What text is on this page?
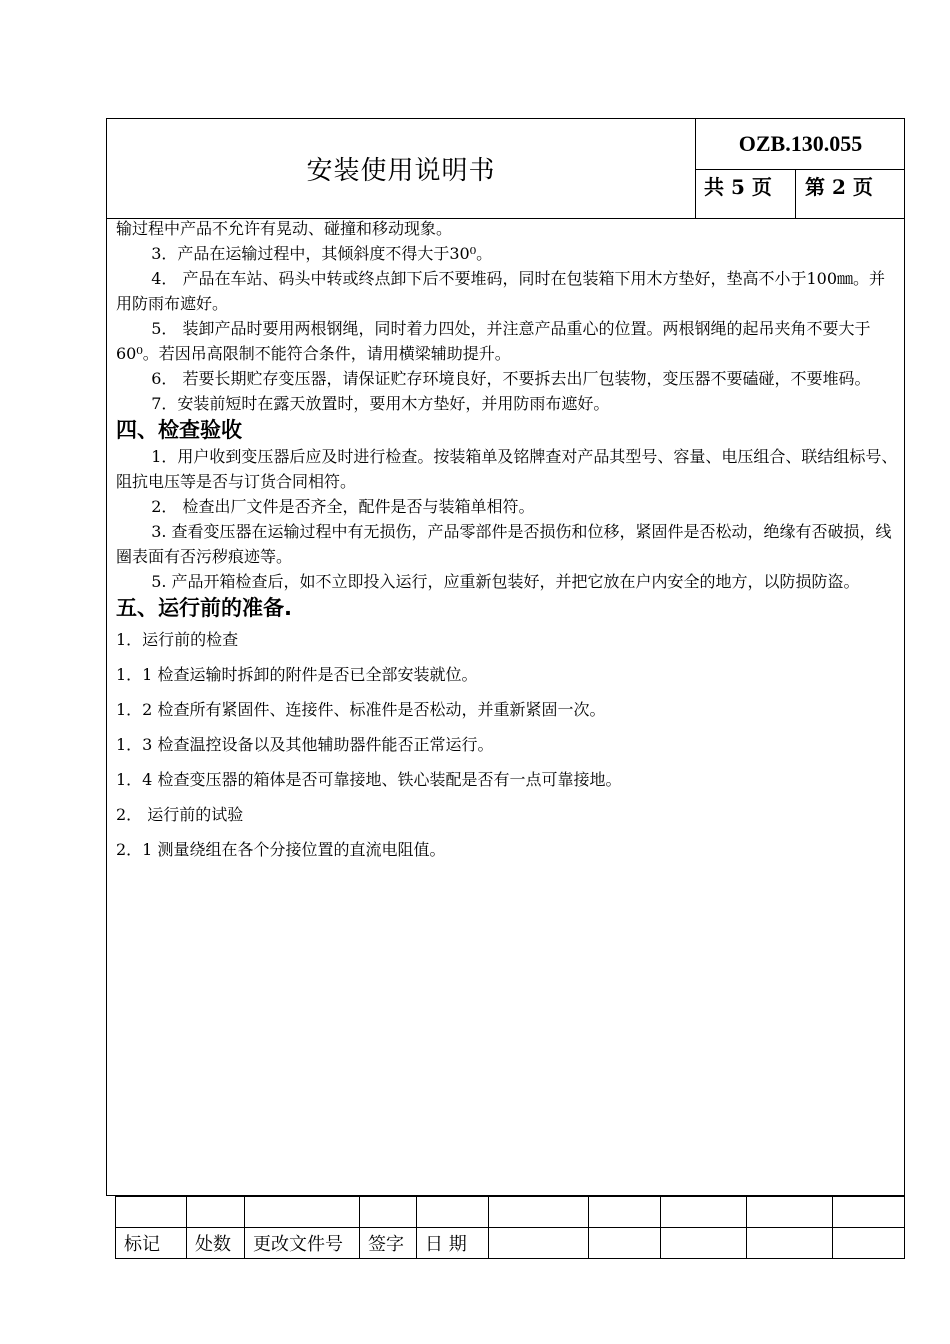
安装使用说明书
OZB.130.055
共 5 页	第 2 页

输过程中产品不允许有晃动、碰撞和移动现象。

3．产品在运输过程中，其倾斜度不得大于30⁰。

4． 产品在车站、码头中转或终点卸下后不要堆码，同时在包装箱下用木方垫好，垫高不小于100㎜。并用防雨布遮好。

5． 装卸产品时要用两根钢绳，同时着力四处，并注意产品重心的位置。两根钢绳的起吊夹角不要大于60⁰。若因吊高限制不能符合条件，请用横梁辅助提升。

6． 若要长期贮存变压器，请保证贮存环境良好，不要拆去出厂包装物，变压器不要磕碰，不要堆码。

7．安装前短时在露天放置时，要用木方垫好，并用防雨布遮好。

四、检查验收

1．用户收到变压器后应及时进行检查。按装箱单及铭牌查对产品其型号、容量、电压组合、联结组标号、阻抗电压等是否与订货合同相符。

2． 检查出厂文件是否齐全，配件是否与装箱单相符。

3. 查看变压器在运输过程中有无损伤，产品零部件是否损伤和位移，紧固件是否松动，绝缘有否破损，线圈表面有否污秽痕迹等。

5. 产品开箱检查后，如不立即投入运行，应重新包装好，并把它放在户内安全的地方，以防损防盗。

五、运行前的准备.

1．运行前的检查

1．1 检查运输时拆卸的附件是否已全部安装就位。

1．2 检查所有紧固件、连接件、标准件是否松动，并重新紧固一次。

1．3 检查温控设备以及其他辅助器件能否正常运行。

1．4 检查变压器的箱体是否可靠接地、铁心装配是否有一点可靠接地。

2． 运行前的试验

2．1 测量绕组在各个分接位置的直流电阻值。

标记	处数	更改文件号	签字	日 期					
